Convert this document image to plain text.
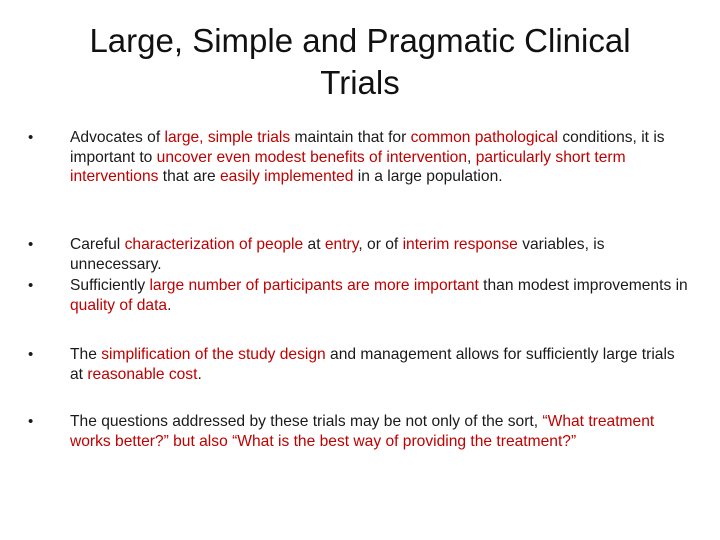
Large, Simple and Pragmatic Clinical
Trials
•	Advocates of large, simple trials maintain that for common pathological conditions, it is important to uncover even modest benefits of intervention, particularly short term interventions that are easily implemented in a large population.
•	Careful characterization of people at entry, or of interim response variables, is unnecessary.
•	Sufficiently large number of participants are more important than modest improvements in quality of data.
•	The simplification of the study design and management allows for sufficiently large trials at reasonable cost.
•	The questions addressed by these trials may be not only of the sort, “What treatment works better?” but also “What is the best way of providing the treatment?”
